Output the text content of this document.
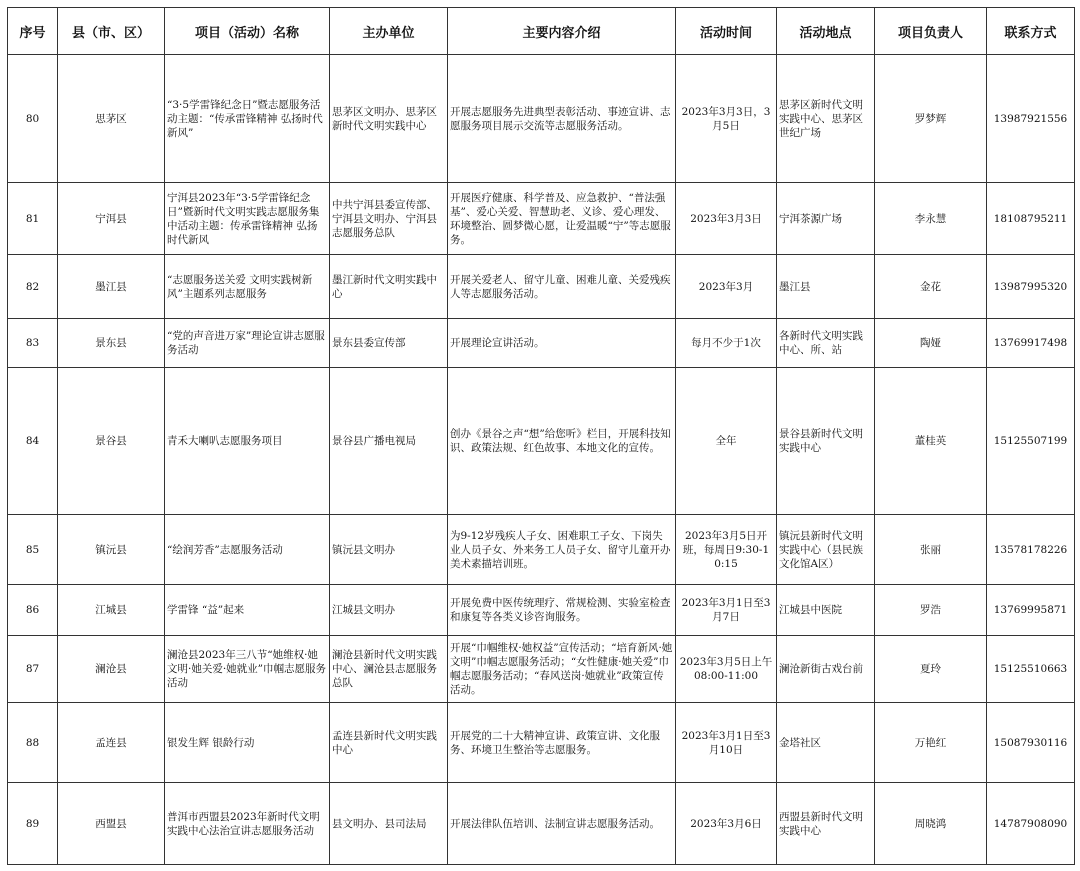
序号	县（市、区）	项目（活动）名称	主办单位	主要内容介绍	活动时间	活动地点	项目负责人	联系方式
80	思茅区	“3·5学雷锋纪念日”暨志愿服务活动主题：“传承雷锋精神 弘扬时代新风”	思茅区文明办、思茅区新时代文明实践中心	开展志愿服务先进典型表彰活动、事迹宣讲、志愿服务项目展示交流等志愿服务活动。	2023年3月3日，3月5日	思茅区新时代文明实践中心、思茅区世纪广场	罗梦辉	13987921556
81	宁洱县	宁洱县2023年“3·5学雷锋纪念日”暨新时代文明实践志愿服务集中活动主题：传承雷锋精神 弘扬时代新风	中共宁洱县委宣传部、宁洱县文明办、宁洱县志愿服务总队	开展医疗健康、科学普及、应急救护、“普法强基”、爱心关爱、智慧助老、义诊、爱心理发、环境整治、圆梦微心愿，让爱温暖“宁”等志愿服务。	2023年3月3日	宁洱茶源广场	李永慧	18108795211
82	墨江县	“志愿服务送关爱 文明实践树新风”主题系列志愿服务	墨江新时代文明实践中心	开展关爱老人、留守儿童、困难儿童、关爱残疾人等志愿服务活动。	2023年3月	墨江县	金花	13987995320
83	景东县	“党的声音进万家”理论宣讲志愿服务活动	景东县委宣传部	开展理论宣讲活动。	每月不少于1次	各新时代文明实践中心、所、站	陶娅	13769917498
84	景谷县	青禾大喇叭志愿服务项目	景谷县广播电视局	创办《景谷之声“想”给您听》栏目，开展科技知识、政策法规、红色故事、本地文化的宣传。	全年	景谷县新时代文明实践中心	董桂英	15125507199
85	镇沅县	“绘润芳香”志愿服务活动	镇沅县文明办	为9-12岁残疾人子女、困难职工子女、下岗失业人员子女、外来务工人员子女、留守儿童开办美术素描培训班。	2023年3月5日开班，每周日9:30-10:15	镇沅县新时代文明实践中心（县民族文化馆A区）	张丽	13578178226
86	江城县	学雷锋 “益”起来	江城县文明办	开展免费中医传统理疗、常规检测、实验室检查和康复等各类义诊咨询服务。	2023年3月1日至3月7日	江城县中医院	罗浩	13769995871
87	澜沧县	澜沧县2023年三八节“她维权·她文明·她关爱·她就业”巾帼志愿服务活动	澜沧县新时代文明实践中心、澜沧县志愿服务总队	开展“巾帼维权·她权益”宣传活动；“培育新风·她文明”巾帼志愿服务活动；“女性健康·她关爱”巾帼志愿服务活动；“春风送岗·她就业”政策宣传活动。	2023年3月5日上午08:00-11:00	澜沧新街古戏台前	夏玲	15125510663
88	孟连县	银发生辉 银龄行动	孟连县新时代文明实践中心	开展党的二十大精神宣讲、政策宣讲、文化服务、环境卫生整治等志愿服务。	2023年3月1日至3月10日	金塔社区	万艳红	15087930116
89	西盟县	普洱市西盟县2023年新时代文明实践中心法治宣讲志愿服务活动	县文明办、县司法局	开展法律队伍培训、法制宣讲志愿服务活动。	2023年3月6日	西盟县新时代文明实践中心	周晓鸿	14787908090
